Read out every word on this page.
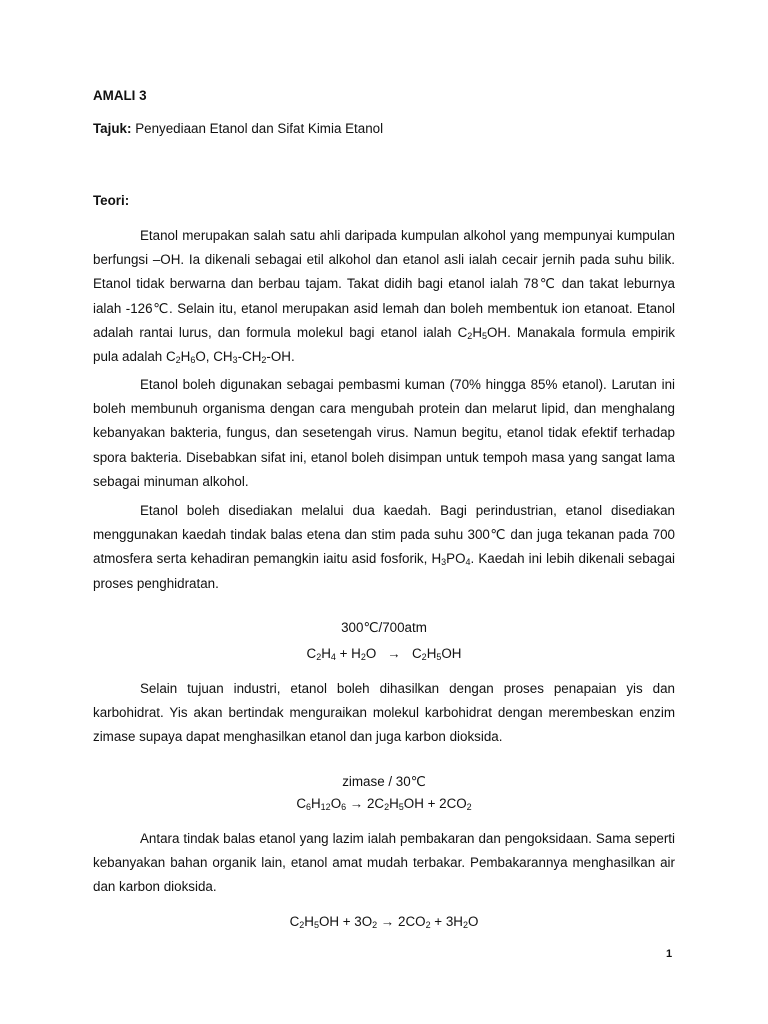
AMALI 3
Tajuk: Penyediaan Etanol dan Sifat Kimia Etanol
Teori:

Etanol merupakan salah satu ahli daripada kumpulan alkohol yang mempunyai kumpulan berfungsi –OH. Ia dikenali sebagai etil alkohol dan etanol asli ialah cecair jernih pada suhu bilik. Etanol tidak berwarna dan berbau tajam. Takat didih bagi etanol ialah 78℃ dan takat leburnya ialah -126℃. Selain itu, etanol merupakan asid lemah dan boleh membentuk ion etanoat. Etanol adalah rantai lurus, dan formula molekul bagi etanol ialah $C_2H_5OH$. Manakala formula empirik pula adalah $C_2H_6O$, $CH_3-CH_2-OH$.

Etanol boleh digunakan sebagai pembasmi kuman (70% hingga 85% etanol). Larutan ini boleh membunuh organisma dengan cara mengubah protein dan melarut lipid, dan menghalang kebanyakan bakteria, fungus, dan sesetengah virus. Namun begitu, etanol tidak efektif terhadap spora bakteria. Disebabkan sifat ini, etanol boleh disimpan untuk tempoh masa yang sangat lama sebagai minuman alkohol.

Etanol boleh disediakan melalui dua kaedah. Bagi perindustrian, etanol disediakan menggunakan kaedah tindak balas etena dan stim pada suhu 300℃ dan juga tekanan pada 700 atmosfera serta kehadiran pemangkin iaitu asid fosforik, $H_3PO_4$. Kaedah ini lebih dikenali sebagai proses penghidratan.

300℃/700atm
$C_2H_4 + H_2O \to C_2H_5OH$

Selain tujuan industri, etanol boleh dihasilkan dengan proses penapaian yis dan karbohidrat. Yis akan bertindak menguraikan molekul karbohidrat dengan merembeskan enzim zimase supaya dapat menghasilkan etanol dan juga karbon dioksida.

zimase / 30℃
$C_6H_{12}O_6 \to 2C_2H_5OH + 2CO_2$

Antara tindak balas etanol yang lazim ialah pembakaran dan pengoksidaan. Sama seperti kebanyakan bahan organik lain, etanol amat mudah terbakar. Pembakarannya menghasilkan air dan karbon dioksida.

$C_2H_5OH + 3O_2 \to 2CO_2 + 3H_2O$
1
